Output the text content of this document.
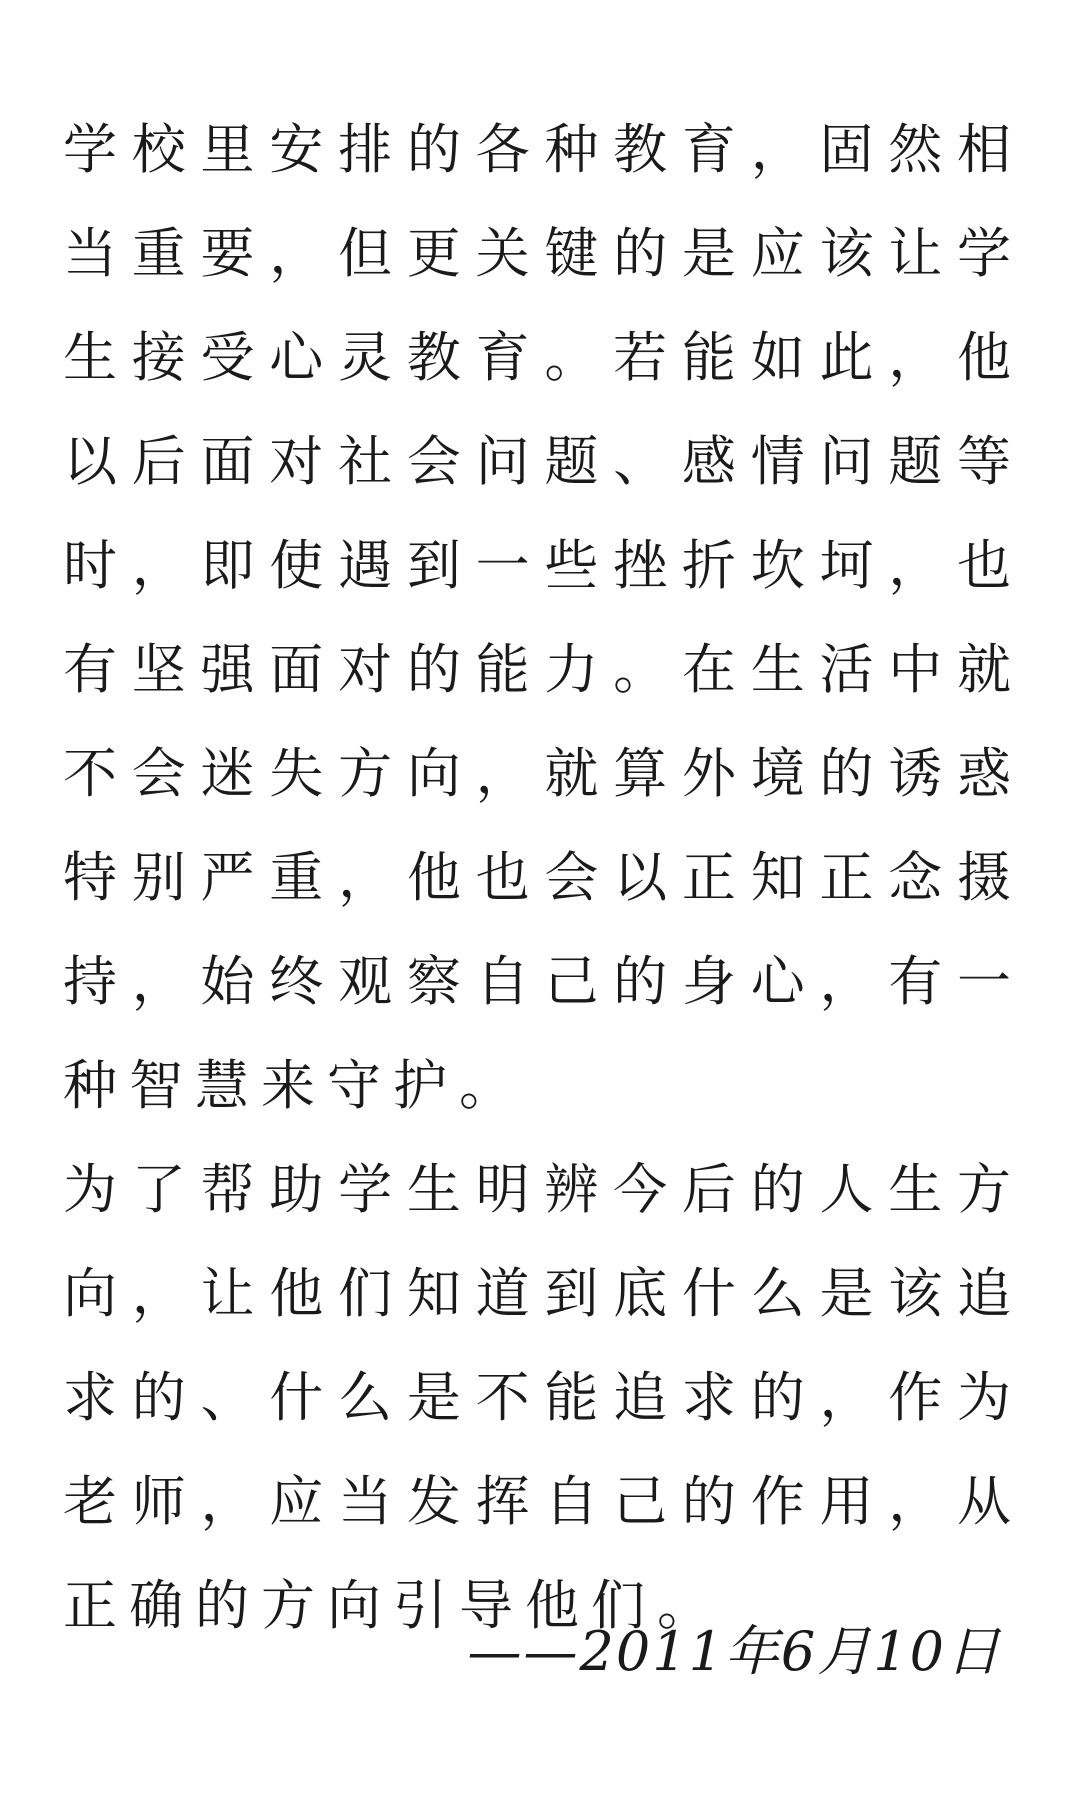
学校里安排的各种教育，固然相当重要，但更关键的是应该让学生接受心灵教育。若能如此，他以后面对社会问题、感情问题等时，即使遇到一些挫折坎坷，也有坚强面对的能力。在生活中就不会迷失方向，就算外境的诱惑特别严重，他也会以正知正念摄持，始终观察自己的身心，有一种智慧来守护。

为了帮助学生明辨今后的人生方向，让他们知道到底什么是该追求的、什么是不能追求的，作为老师，应当发挥自己的作用，从正确的方向引导他们。

——2011年6月10日
